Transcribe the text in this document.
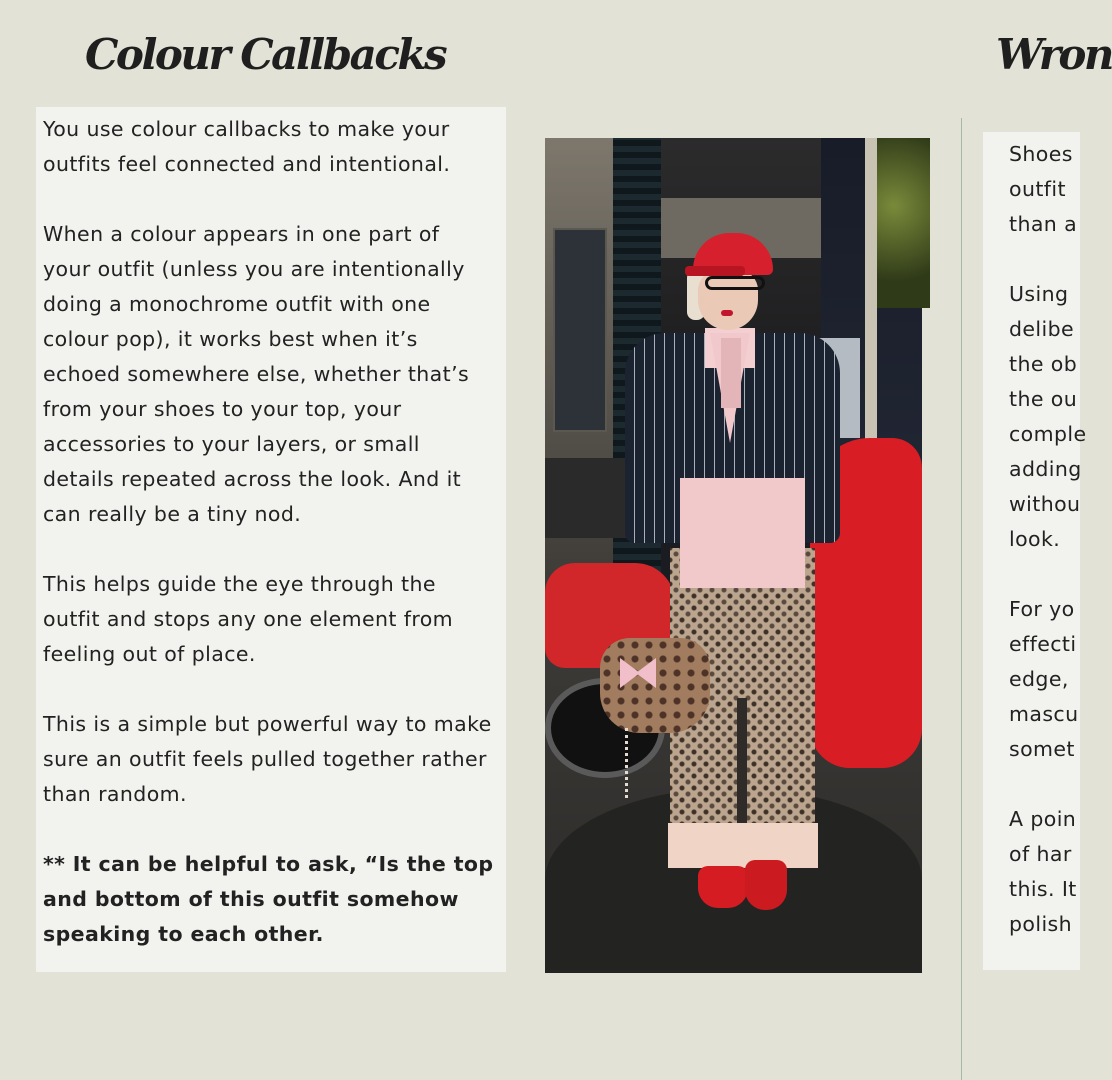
Colour Callbacks	Wron

You use colour callbacks to make your
outfits feel connected and intentional.

When a colour appears in one part of
your outfit (unless you are intentionally
doing a monochrome outfit with one
colour pop), it works best when it’s
echoed somewhere else, whether that’s
from your shoes to your top, your
accessories to your layers, or small
details repeated across the look. And it
can really be a tiny nod.

This helps guide the eye through the
outfit and stops any one element from
feeling out of place.

This is a simple but powerful way to make
sure an outfit feels pulled together rather
than random.

** It can be helpful to ask, “Is the top
and bottom of this outfit somehow
speaking to each other.

Shoes
outfit
than a

Using
delibe
the ob
the ou
comple
adding
withou
look.

For yo
effecti
edge,
mascu
somet

A poin
of har
this. It
polish
